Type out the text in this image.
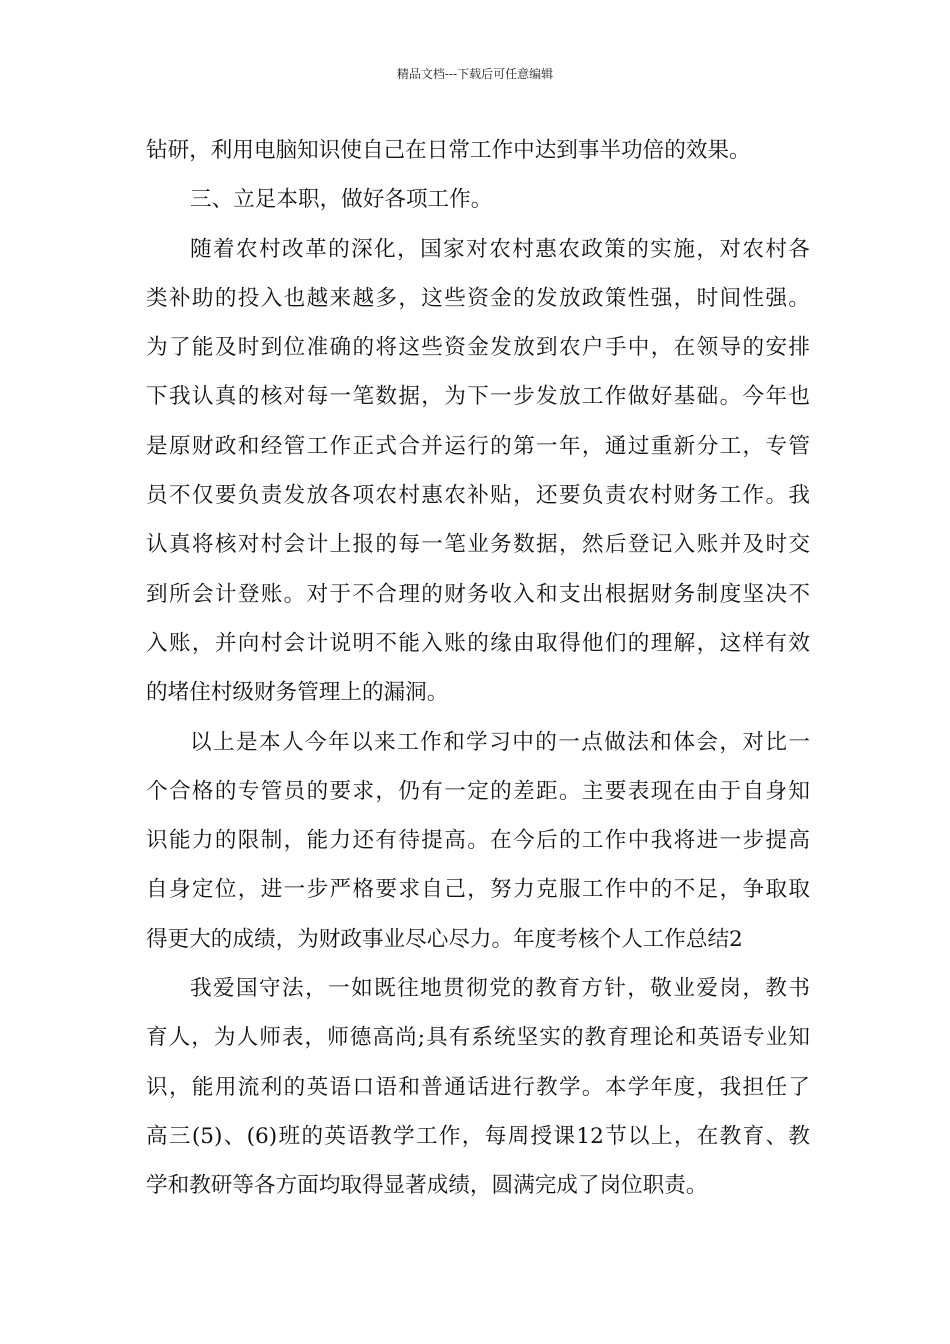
精品文档---下载后可任意编辑
钻研，利用电脑知识使自己在日常工作中达到事半功倍的效果。
三、立足本职，做好各项工作。
随着农村改革的深化，国家对农村惠农政策的实施，对农村各
类补助的投入也越来越多，这些资金的发放政策性强，时间性强。
为了能及时到位准确的将这些资金发放到农户手中，在领导的安排
下我认真的核对每一笔数据，为下一步发放工作做好基础。今年也
是原财政和经管工作正式合并运行的第一年，通过重新分工，专管
员不仅要负责发放各项农村惠农补贴，还要负责农村财务工作。我
认真将核对村会计上报的每一笔业务数据，然后登记入账并及时交
到所会计登账。对于不合理的财务收入和支出根据财务制度坚决不
入账，并向村会计说明不能入账的缘由取得他们的理解，这样有效
的堵住村级财务管理上的漏洞。
以上是本人今年以来工作和学习中的一点做法和体会，对比一
个合格的专管员的要求，仍有一定的差距。主要表现在由于自身知
识能力的限制，能力还有待提高。在今后的工作中我将进一步提高
自身定位，进一步严格要求自己，努力克服工作中的不足，争取取
得更大的成绩，为财政事业尽心尽力。年度考核个人工作总结2
我爱国守法，一如既往地贯彻党的教育方针，敬业爱岗，教书
育人，为人师表，师德高尚;具有系统坚实的教育理论和英语专业知
识，能用流利的英语口语和普通话进行教学。本学年度，我担任了
高三(5)、(6)班的英语教学工作，每周授课12节以上，在教育、教
学和教研等各方面均取得显著成绩，圆满完成了岗位职责。
